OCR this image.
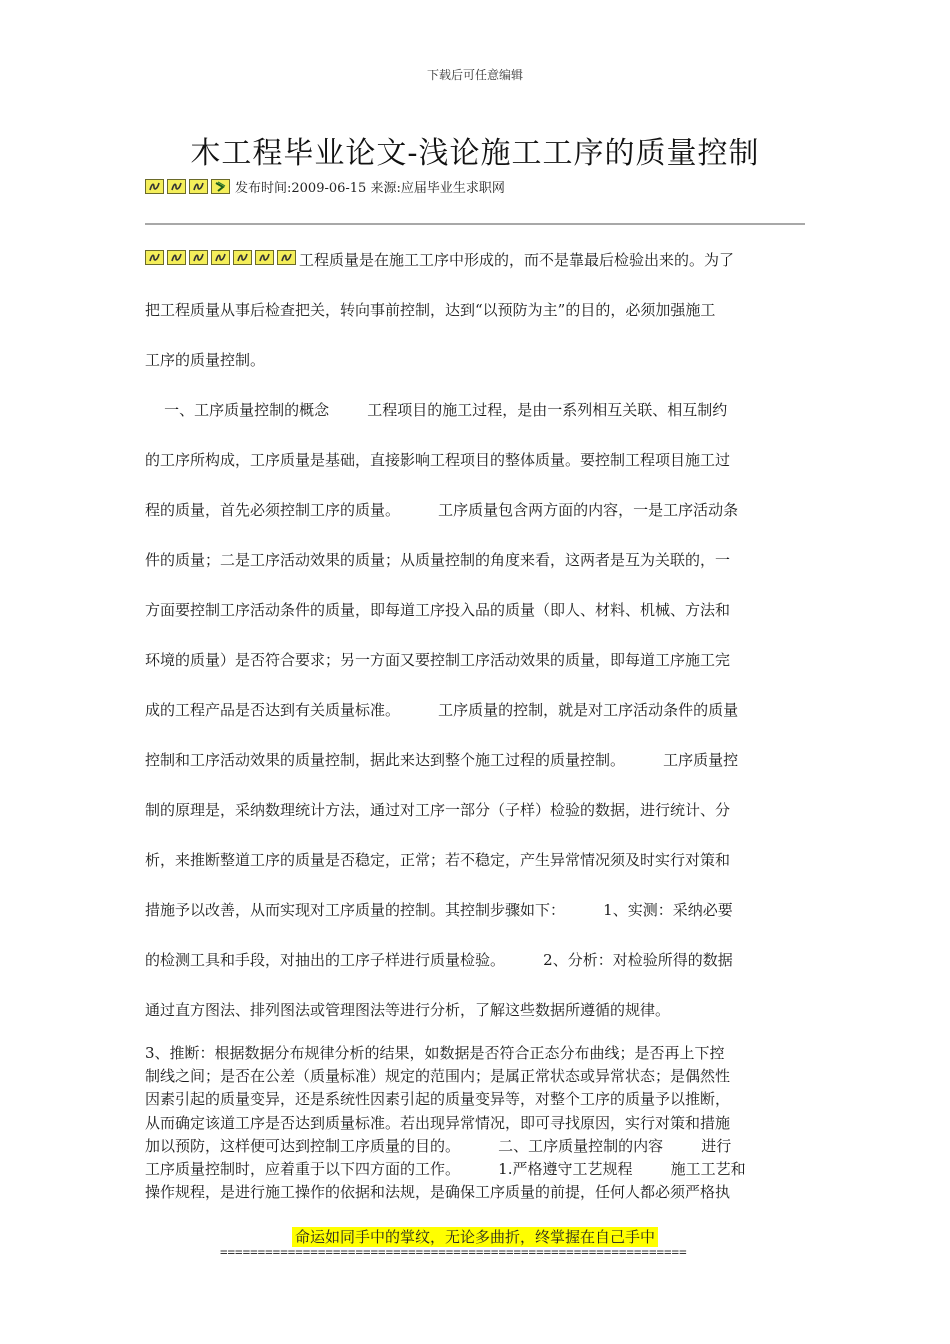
下载后可任意编辑
木工程毕业论文-浅论施工工序的质量控制
发布时间:2009-06-15 来源:应届毕业生求职网
工程质量是在施工工序中形成的，而不是靠最后检验出来的。为了
把工程质量从事后检查把关，转向事前控制，达到“以预防为主”的目的，必须加强施工
工序的质量控制。
一、工序质量控制的概念        工程项目的施工过程，是由一系列相互关联、相互制约
的工序所构成，工序质量是基础，直接影响工程项目的整体质量。要控制工程项目施工过
程的质量，首先必须控制工序的质量。        工序质量包含两方面的内容，一是工序活动条
件的质量；二是工序活动效果的质量；从质量控制的角度来看，这两者是互为关联的，一
方面要控制工序活动条件的质量，即每道工序投入品的质量（即人、材料、机械、方法和
环境的质量）是否符合要求；另一方面又要控制工序活动效果的质量，即每道工序施工完
成的工程产品是否达到有关质量标准。        工序质量的控制，就是对工序活动条件的质量
控制和工序活动效果的质量控制，据此来达到整个施工过程的质量控制。        工序质量控
制的原理是，采纳数理统计方法，通过对工序一部分（子样）检验的数据，进行统计、分
析，来推断整道工序的质量是否稳定，正常；若不稳定，产生异常情况须及时实行对策和
措施予以改善，从而实现对工序质量的控制。其控制步骤如下：        1、实测：采纳必要
的检测工具和手段，对抽出的工序子样进行质量检验。        2、分析：对检验所得的数据
通过直方图法、排列图法或管理图法等进行分析，了解这些数据所遵循的规律。
3、推断：根据数据分布规律分析的结果，如数据是否符合正态分布曲线；是否再上下控
制线之间；是否在公差（质量标准）规定的范围内；是属正常状态或异常状态；是偶然性
因素引起的质量变异，还是系统性因素引起的质量变异等，对整个工序的质量予以推断，
从而确定该道工序是否达到质量标准。若出现异常情况，即可寻找原因，实行对策和措施
加以预防，这样便可达到控制工序质量的目的。        二、工序质量控制的内容        进行
工序质量控制时，应着重于以下四方面的工作。        1.严格遵守工艺规程        施工工艺和
操作规程，是进行施工操作的依据和法规，是确保工序质量的前提，任何人都必须严格执
命运如同手中的掌纹，无论多曲折，终掌握在自己手中
==============================================================
